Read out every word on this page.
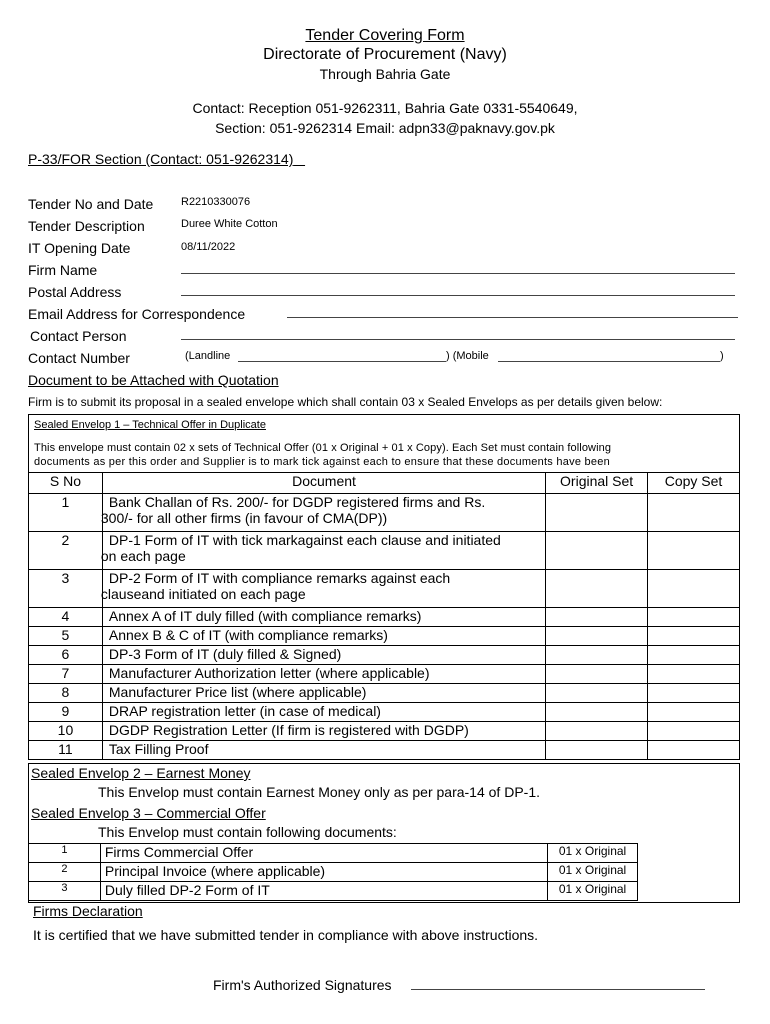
Tender Covering Form
Directorate of Procurement (Navy)
Through Bahria Gate
Contact: Reception 051-9262311, Bahria Gate 0331-5540649,
Section: 051-9262314 Email: adpn33@paknavy.gov.pk
P-33/FOR Section (Contact: 051-9262314)
Tender No and Date	R2210330076
Tender Description	Duree White Cotton
IT Opening Date	08/11/2022
Firm Name
Postal Address
Email Address for Correspondence
Contact Person
Contact Number	(Landline	) (Mobile	)
Document to be Attached with Quotation
Firm is to submit its proposal in a sealed envelope which shall contain 03 x Sealed Envelops as per details given below:
Sealed Envelop 1 – Technical Offer in Duplicate
This envelope must contain 02 x sets of Technical Offer (01 x Original + 01 x Copy). Each Set must contain following
documents as per this order and Supplier is to mark tick against each to ensure that these documents have been
S No	Document	Original Set	Copy Set
1	Bank Challan of Rs. 200/- for DGDP registered firms and Rs.
300/- for all other firms (in favour of CMA(DP))		

2	DP-1 Form of IT with tick markagainst each clause and initiated
on each page		

3	DP-2 Form of IT with compliance remarks against each
clauseand initiated on each page		

4	Annex A of IT duly filled (with compliance remarks)		

5	Annex B & C of IT (with compliance remarks)		

6	DP-3 Form of IT (duly filled & Signed)		

7	Manufacturer Authorization letter (where applicable)		

8	Manufacturer Price list (where applicable)		

9	DRAP registration letter (in case of medical)		

10	DGDP Registration Letter (If firm is registered with DGDP)		

11	Tax Filling Proof		

Sealed Envelop 2 – Earnest Money
This Envelop must contain Earnest Money only as per para-14 of DP-1.
Sealed Envelop 3 – Commercial Offer
This Envelop must contain following documents:
1	Firms Commercial Offer	01 x Original
2	Principal Invoice (where applicable)	01 x Original
3	Duly filled DP-2 Form of IT	01 x Original
Firms Declaration
It is certified that we have submitted tender in compliance with above instructions.
Firm's Authorized Signatures
